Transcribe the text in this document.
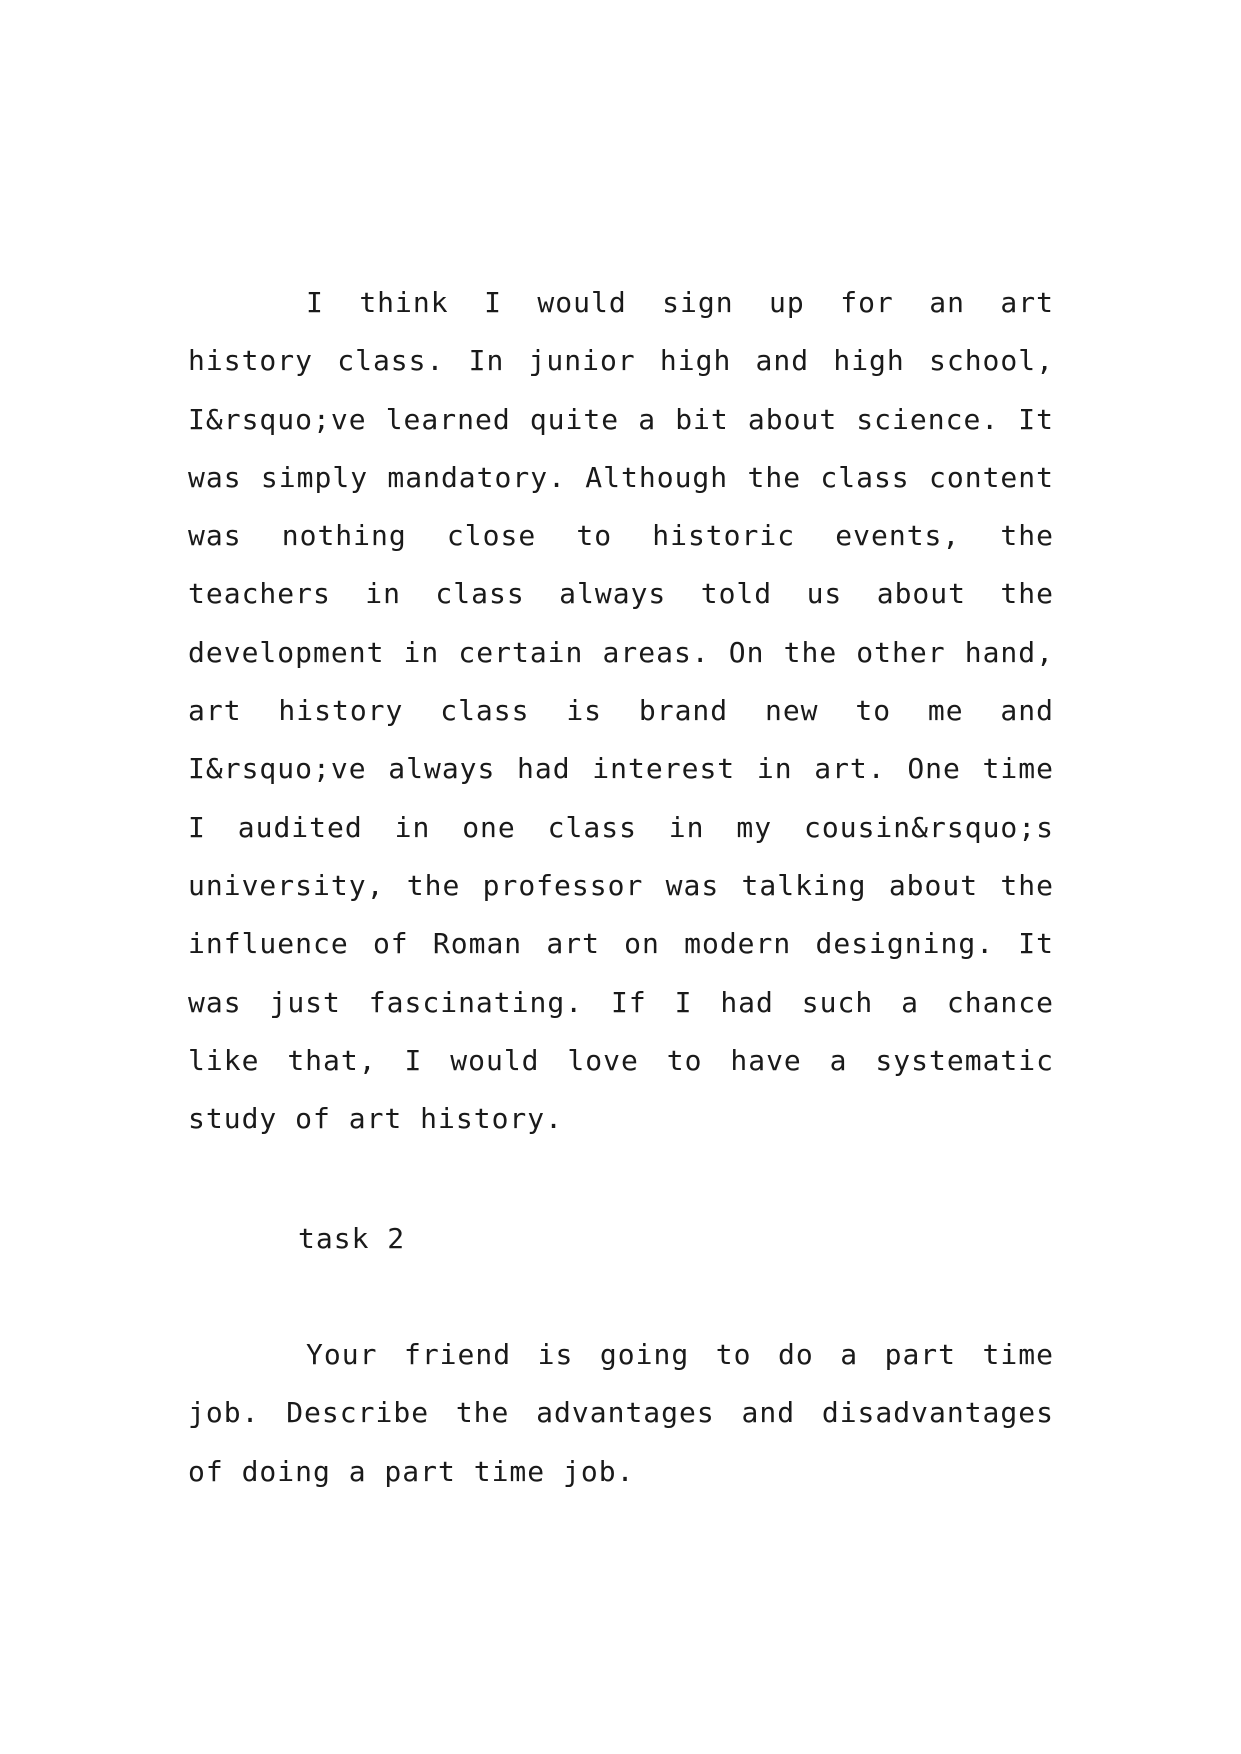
I think I would sign up for an art history class. In junior high and high school, I&rsquo;ve learned quite a bit about science. It was simply mandatory. Although the class content was nothing close to historic events, the teachers in class always told us about the development in certain areas. On the other hand, art history class is brand new to me and I&rsquo;ve always had interest in art. One time I audited in one class in my cousin&rsquo;s university, the professor was talking about the influence of Roman art on modern designing. It was just fascinating. If I had such a chance like that, I would love to have a systematic study of art history.

task 2

Your friend is going to do a part time job. Describe the advantages and disadvantages of doing a part time job.
